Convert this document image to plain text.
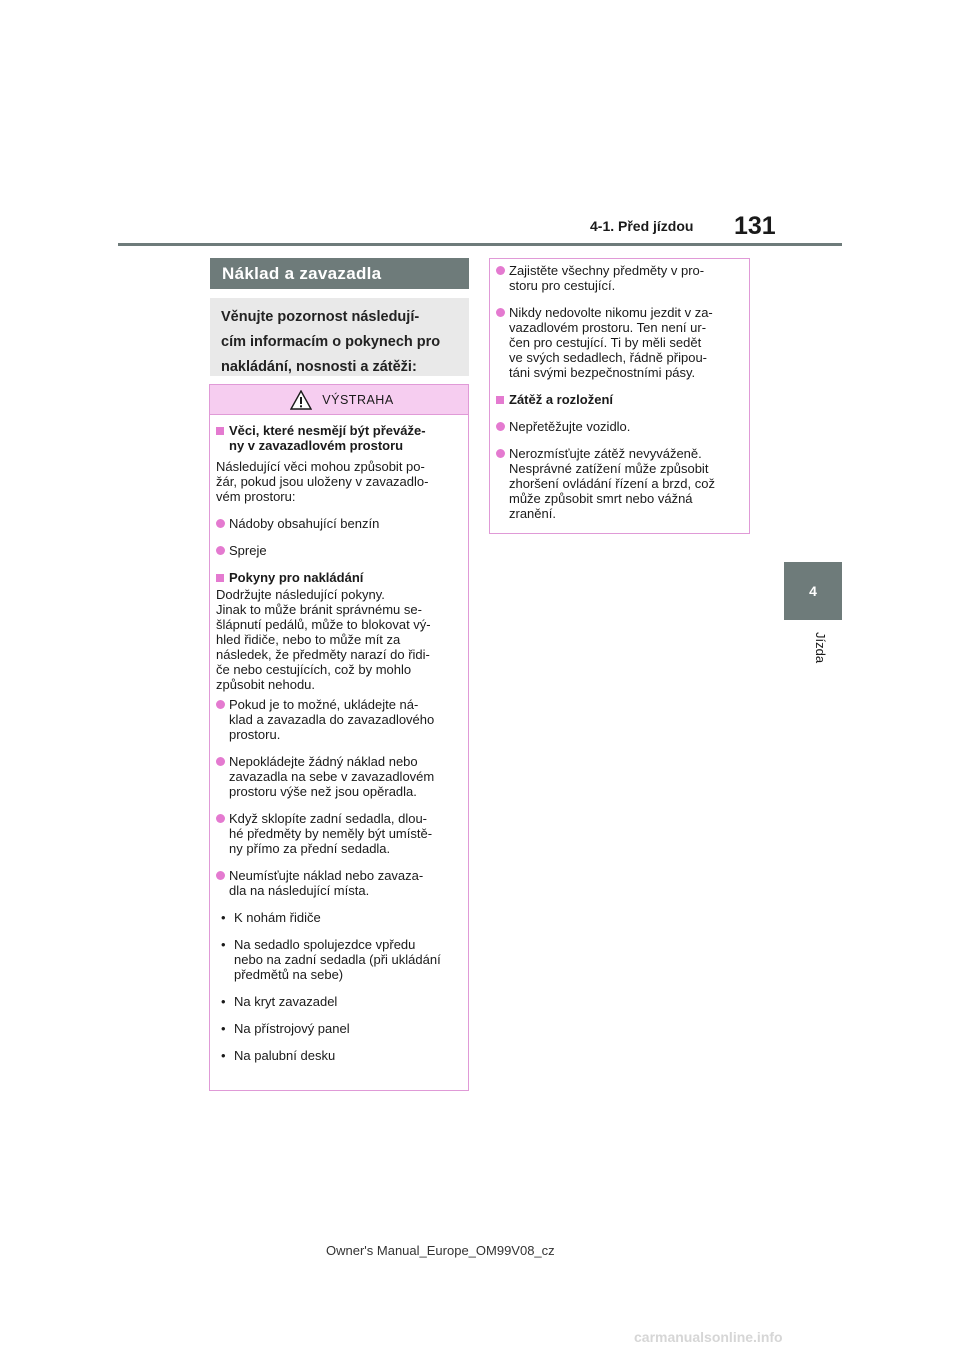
4-1. Před jízdou 131
4
Jízda
Náklad a zavazadla
Věnujte pozornost následují-
cím informacím o pokynech pro
nakládání, nosnosti a zátěži:
VÝSTRAHA
Věci, které nesmějí být převáže-
ny v zavazadlovém prostoru
Následující věci mohou způsobit po-
žár, pokud jsou uloženy v zavazadlo-
vém prostoru:
Nádoby obsahující benzín
Spreje
Pokyny pro nakládání
Dodržujte následující pokyny.
Jinak to může bránit správnému se-
šlápnutí pedálů, může to blokovat vý-
hled řidiče, nebo to může mít za
následek, že předměty narazí do řidi-
če nebo cestujících, což by mohlo
způsobit nehodu.
Pokud je to možné, ukládejte ná-
klad a zavazadla do zavazadlového
prostoru.
Nepokládejte žádný náklad nebo
zavazadla na sebe v zavazadlovém
prostoru výše než jsou opěradla.
Když sklopíte zadní sedadla, dlou-
hé předměty by neměly být umístě-
ny přímo za přední sedadla.
Neumísťujte náklad nebo zavaza-
dla na následující místa.
• K nohám řidiče
• Na sedadlo spolujezdce vpředu
nebo na zadní sedadla (při ukládání
předmětů na sebe)
• Na kryt zavazadel
• Na přístrojový panel
• Na palubní desku
Zajistěte všechny předměty v pro-
storu pro cestující.
Nikdy nedovolte nikomu jezdit v za-
vazadlovém prostoru. Ten není ur-
čen pro cestující. Ti by měli sedět
ve svých sedadlech, řádně připou-
táni svými bezpečnostními pásy.
Zátěž a rozložení
Nepřetěžujte vozidlo.
Nerozmísťujte zátěž nevyváženě.
Nesprávné zatížení může způsobit
zhoršení ovládání řízení a brzd, což
může způsobit smrt nebo vážná
zranění.
Owner's Manual_Europe_OM99V08_cz
carmanualsonline.info
